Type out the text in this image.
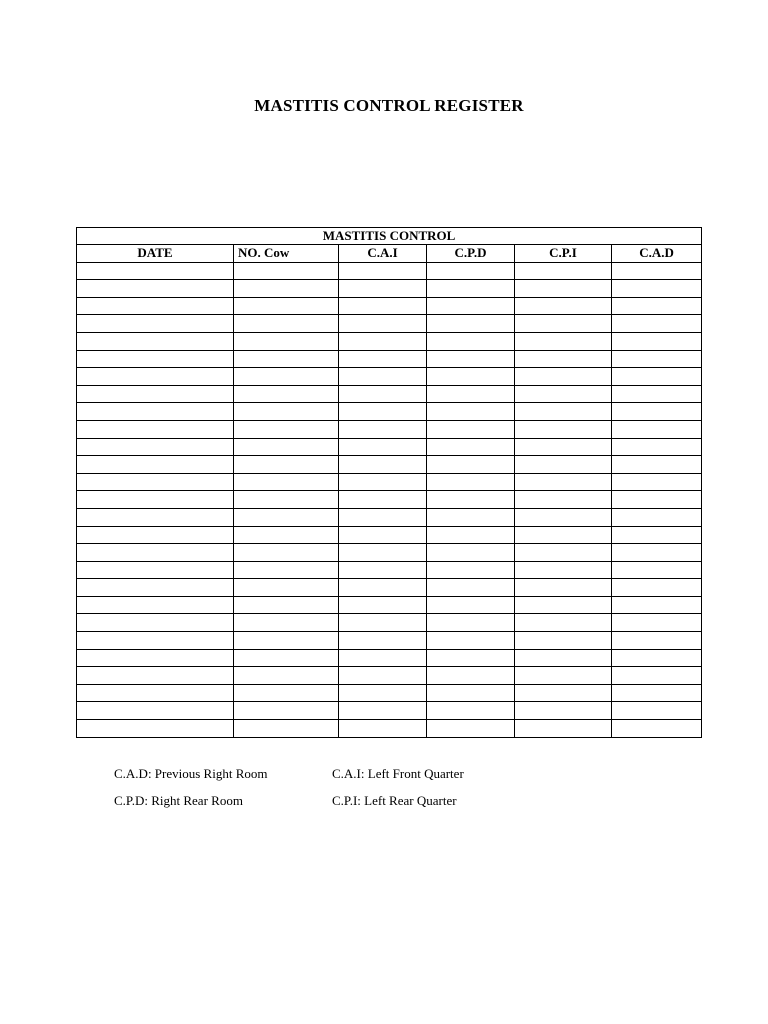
MASTITIS CONTROL REGISTER
MASTITIS CONTROL					
DATE	NO. Cow	C.A.I	C.P.D	C.P.I	C.A.D

C.A.D: Previous Right Room	C.A.I: Left Front Quarter
C.P.D: Right Rear Room	C.P.I: Left Rear Quarter
